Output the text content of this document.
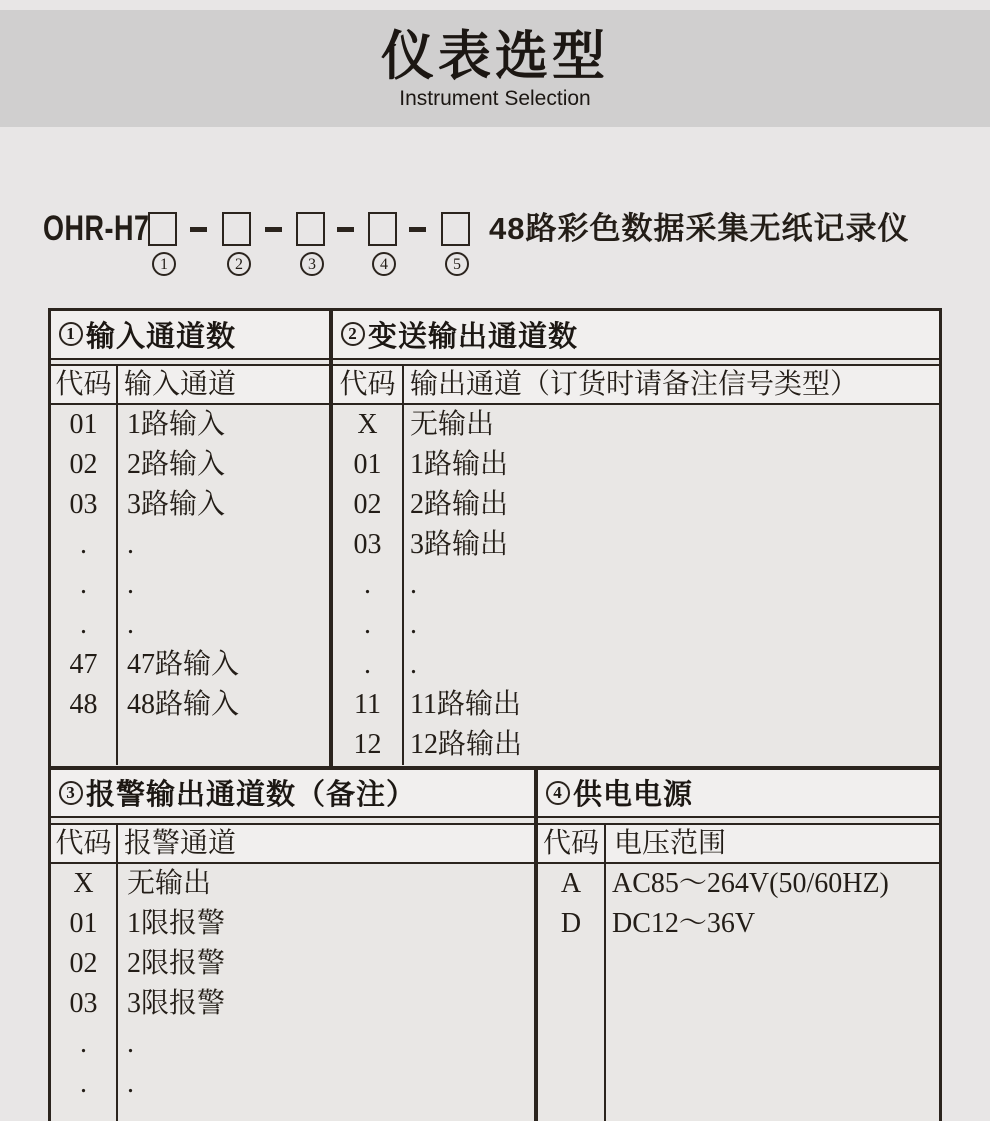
仪表选型
Instrument Selection
OHR-H7
1	2	3	4	5
48路彩色数据采集无纸记录仪
1 输入通道数
代码 输入通道
01	1路输入
02	2路输入
03	3路输入
.	.
.	.
.	.
47	47路输入
48	48路输入
2 变送输出通道数
代码 输出通道（订货时请备注信号类型）
X	无输出
01	1路输出
02	2路输出
03	3路输出
.	.
.	.
.	.
11	11路输出
12	12路输出
3 报警输出通道数（备注）
代码 报警通道
X	无输出
01	1限报警
02	2限报警
03	3限报警
.	.
.	.
4 供电电源
代码 电压范围
A	AC85～264V(50/60HZ)
D	DC12～36V
